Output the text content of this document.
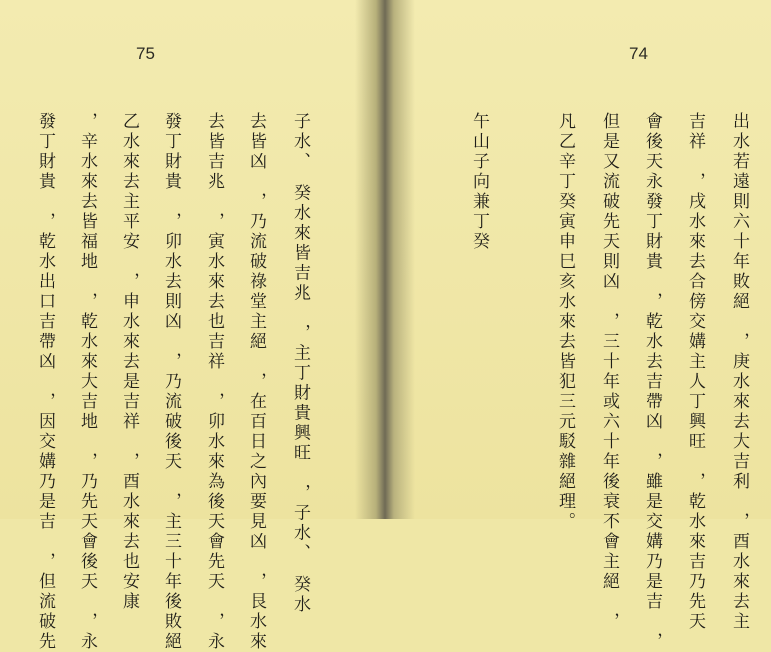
75	74
子水、　癸水來皆吉兆　，主丁財貴興旺　，子水、　癸水
去皆凶　，乃流破祿堂主絕　，在百日之內要見凶　，艮水來
去皆吉兆　，寅水來去也吉祥　，卯水來為後天會先天　，永
發丁財貴　，卯水去則凶　，乃流破後天　，主三十年後敗絕
乙水來去主平安　，申水來去是吉祥　，酉水來去也安康
，辛水來去皆福地　，乾水來大吉地　，乃先天會後天　，永
發丁財貴　，乾水出口吉帶凶　，因交媾乃是吉　，但流破先	出水若遠則六十年敗絕　，庚水來去大吉利　，酉水來去主
吉祥　，戌水來去合傍交媾主人丁興旺　，乾水來吉乃先天
會後天永發丁財貴　，乾水去吉帶凶　，雖是交媾乃是吉　，
但是又流破先天則凶　，三十年或六十年後衰不會主絕　，
凡乙辛丁癸寅申巳亥水來去皆犯三元駁雜絕理。
午山子向兼丁癸
